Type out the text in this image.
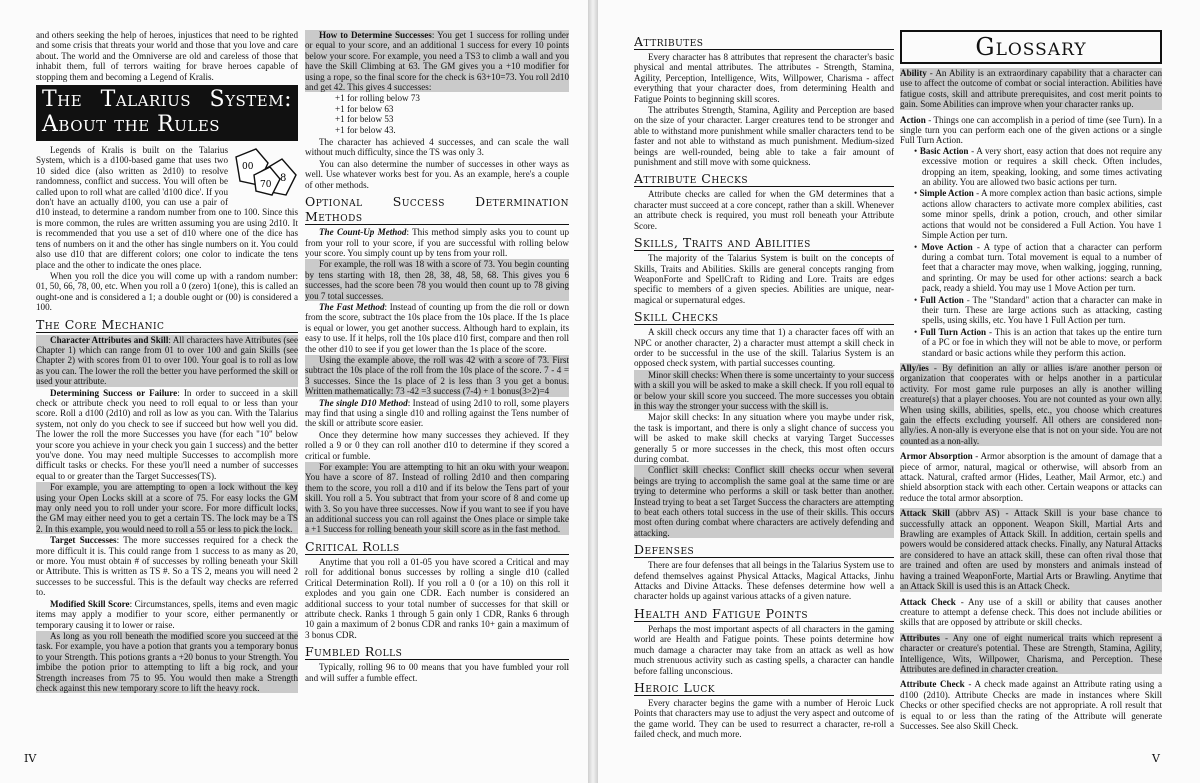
and others seeking the help of heroes, injustices that need to be righted and some crisis that threats your world and those that you love and care about. The world and the Omniverse are old and careless of those that inhabit them, full of terrors waiting for brave heroes capable of stopping them and becoming a Legend of Kralis.

The Talarius System: About the Rules
00
70
8

Legends of Kralis is built on the Talarius System, which is a d100-based game that uses two 10 sided dice (also written as 2d10) to resolve randomness, conflict and success. You will often be called upon to roll what are called 'd100 dice'. If you don't have an actually d100, you can use a pair of d10 instead, to determine a random number from one to 100. Since this is more common, the rules are written assuming you are using 2d10. It is recommended that you use a set of d10 where one of the dice has tens of numbers on it and the other has single numbers on it. You could also use d10 that are different colors; one color to indicate the tens place and the other to indicate the ones place.

When you roll the dice you will come up with a random number: 01, 50, 66, 78, 00, etc. When you roll a 0 (zero) 1(one), this is called an ought-one and is considered a 1; a double ought or (00) is considered a 100.

The Core Mechanic

Character Attributes and Skill: All characters have Attributes (see Chapter 1) which can range from 01 to over 100 and gain Skills (see Chapter 2) with scores from 01 to over 100. Your goal is to roll as low as you can. The lower the roll the better you have performed the skill or used your attribute.

Determining Success or Failure: In order to succeed in a skill check or attribute check you need to roll equal to or less than your score. Roll a d100 (2d10) and roll as low as you can. With the Talarius system, not only do you check to see if succeed but how well you did. The lower the roll the more Successes you have (for each "10" below your score you achieve in your check you gain 1 success) and the better you've done. You may need multiple Successes to accomplish more difficult tasks or checks. For these you'll need a number of successes equal to or greater than the Target Successes(TS).

For example, you are attempting to open a lock without the key using your Open Locks skill at a score of 75. For easy locks the GM may only need you to roll under your score. For more difficult locks, the GM may either need you to get a certain TS. The lock may be a TS 2. In this example, you would need to roll a 55 or less to pick the lock.

Target Successes: The more successes required for a check the more difficult it is. This could range from 1 success to as many as 20, or more. You must obtain # of successes by rolling beneath your Skill or Attribute. This is written as TS #. So a TS 2, means you will need 2 successes to be successful. This is the default way checks are referred to.

Modified Skill Score: Circumstances, spells, items and even magic items may apply a modifier to your score, either permanently or temporary causing it to lower or raise.

As long as you roll beneath the modified score you succeed at the task. For example, you have a potion that grants you a temporary bonus to your Strength. This potions grants a +20 bonus to your Strength. You imbibe the potion prior to attempting to lift a big rock, and your Strength increases from 75 to 95. You would then make a Strength check against this new temporary score to lift the heavy rock.

How to Determine Successes: You get 1 success for rolling under or equal to your score, and an additional 1 success for every 10 points below your score. For example, you need a TS3 to climb a wall and you have the Skill Climbing at 63. The GM gives you a +10 modifier for using a rope, so the final score for the check is 63+10=73. You roll 2d10 and get 42. This gives 4 successes:

+1 for rolling below 73
+1 for below 63
+1 for below 53
+1 for below 43.

The character has achieved 4 successes, and can scale the wall without much difficulty, since the TS was only 3.

You can also determine the number of successes in other ways as well. Use whatever works best for you. As an example, here's a couple of other methods.

Optional Success Determination Methods

The Count-Up Method: This method simply asks you to count up from your roll to your score, if you are successful with rolling below your score. You simply count up by tens from your roll.

For example, the roll was 18 with a score of 73. You begin counting by tens starting with 18, then 28, 38, 48, 58, 68. This gives you 6 successes, had the score been 78 you would then count up to 78 giving you 7 total successes.

The Fast Method: Instead of counting up from the die roll or down from the score, subtract the 10s place from the 10s place. If the 1s place is equal or lower, you get another success. Although hard to explain, its easy to use. If it helps, roll the 10s place d10 first, compare and then roll the other d10 to see if you get lower than the 1s place of the score.

Using the example above, the roll was 42 with a score of 73. First subtract the 10s place of the roll from the 10s place of the score. 7 - 4 = 3 successes. Since the 1s place of 2 is less than 3 you get a bonus. Written mathematically: 73 -42 =3 success (7-4) + 1 bonus(3>2)=4

The single D10 Method: Instead of using 2d10 to roll, some players may find that using a single d10 and rolling against the Tens number of the skill or attribute score easier.

Once they determine how many successes they achieved. If they rolled a 9 or 0 they can roll another d10 to determine if they scored a critical or fumble.

For example: You are attempting to hit an oku with your weapon. You have a score of 87. Instead of rolling 2d10 and then comparing them to the score, you roll a d10 and if its below the Tens part of your skill. You roll a 5. You subtract that from your score of 8 and come up with 3. So you have three successes. Now if you want to see if you have an additional success you can roll against the Ones place or simple take a +1 Success for rolling beneath your skill score as in the fast method.

Critical Rolls

Anytime that you roll a 01-05 you have scored a Critical and may roll for additional bonus successes by rolling a single d10 (called Critical Determination Roll). If you roll a 0 (or a 10) on this roll it explodes and you gain one CDR. Each number is considered an additional success to your total number of successes for that skill or attribute check. Ranks 1 through 5 gain only 1 CDR, Ranks 6 through 10 gain a maximum of 2 bonus CDR and ranks 10+ gain a maximum of 3 bonus CDR.

Fumbled Rolls

Typically, rolling 96 to 00 means that you have fumbled your roll and will suffer a fumble effect.

IV
Attributes

Every character has 8 attributes that represent the character's basic physical and mental attributes. The attributes - Strength, Stamina, Agility, Perception, Intelligence, Wits, Willpower, Charisma - affect everything that your character does, from determining Health and Fatigue Points to beginning skill scores.

The attributes Strength, Stamina, Agility and Perception are based on the size of your character. Larger creatures tend to be stronger and able to withstand more punishment while smaller characters tend to be faster and not able to withstand as much punishment. Medium-sized beings are well-rounded, being able to take a fair amount of punishment and still move with some quickness.

Attribute Checks

Attribute checks are called for when the GM determines that a character must succeed at a core concept, rather than a skill. Whenever an attribute check is required, you must roll beneath your Attribute Score.

Skills, Traits and Abilities

The majority of the Talarius System is built on the concepts of Skills, Traits and Abilities. Skills are general concepts ranging from WeaponForte and SpellCraft to Riding and Lore. Traits are edges specific to members of a given species. Abilities are unique, near-magical or supernatural edges.

Skill Checks

A skill check occurs any time that 1) a character faces off with an NPC or another character, 2) a character must attempt a skill check in order to be successful in the use of the skill. Talarius System is an opposed check system, with partial successes counting.

Minor skill checks: When there is some uncertainty to your success with a skill you will be asked to make a skill check. If you roll equal to or below your skill score you succeed. The more successes you obtain in this way the stronger your success with the skill is.

Major skill checks: In any situation where you maybe under risk, the task is important, and there is only a slight chance of success you will be asked to make skill checks at varying Target Successes generally 5 or more successes in the check, this most often occurs during combat.

Conflict skill checks: Conflict skill checks occur when several beings are trying to accomplish the same goal at the same time or are trying to determine who performs a skill or task better than another. Instead trying to beat a set Target Success the characters are attempting to beat each others total success in the use of their skills. This occurs most often during combat where characters are actively defending and attacking.

Defenses

There are four defenses that all beings in the Talarius System use to defend themselves against Physical Attacks, Magical Attacks, Jinhu Attacks and Divine Attacks. These defenses determine how well a character holds up against various attacks of a given nature.

Health and Fatigue Points

Perhaps the most important aspects of all characters in the gaming world are Health and Fatigue points. These points determine how much damage a character may take from an attack as well as how much strenuous activity such as casting spells, a character can handle before falling unconscious.

Heroic Luck

Every character begins the game with a number of Heroic Luck Points that characters may use to adjust the very aspect and outcome of the game world. They can be used to resurrect a character, re-roll a failed check, and much more.

Glossary
Ability - An Ability is an extraordinary capability that a character can use to affect the outcome of combat or social interaction. Abilities have fatigue costs, skill and attribute prerequisites, and cost merit points to gain. Some Abilities can improve when your character ranks up.
Action - Things one can accomplish in a period of time (see Turn). In a single turn you can perform each one of the given actions or a single Full Turn Action.
• Basic Action - A very short, easy action that does not require any excessive motion or requires a skill check. Often includes, dropping an item, speaking, looking, and some times activating an ability. You are allowed two basic actions per turn.
• Simple Action - A more complex action than basic actions, simple actions allow characters to activate more complex abilities, cast some minor spells, drink a potion, crouch, and other similar actions that would not be considered a Full Action. You have 1 Simple Action per turn.
• Move Action - A type of action that a character can perform during a combat turn. Total movement is equal to a number of feet that a character may move, when walking, jogging, running, and sprinting. Or may be used for other actions: search a back pack, ready a shield. You may use 1 Move Action per turn.
• Full Action - The "Standard" action that a character can make in their turn. These are large actions such as attacking, casting spells, using skills, etc. You have 1 Full Action per turn.
• Full Turn Action - This is an action that takes up the entire turn of a PC or foe in which they will not be able to move, or perform standard or basic actions while they perform this action.
Ally/ies - By definition an ally or allies is/are another person or organization that cooperates with or helps another in a particular activity. For most game rule purposes an ally is another willing creature(s) that a player chooses. You are not counted as your own ally. When using skills, abilities, spells, etc., you choose which creatures gain the effects excluding yourself. All others are considered non-ally/ies. A non-ally is everyone else that is not on your side. You are not counted as a non-ally.
Armor Absorption - Armor absorption is the amount of damage that a piece of armor, natural, magical or otherwise, will absorb from an attack. Natural, crafted armor (Hides, Leather, Mail Armor, etc.) and shield absorption stack with each other. Certain weapons or attacks can reduce the total armor absorption.
Attack Skill (abbrv AS) - Attack Skill is your base chance to successfully attack an opponent. Weapon Skill, Martial Arts and Brawling are examples of Attack Skill. In addition, certain spells and powers would be considered attack checks. Finally, any Natural Attacks are considered to have an attack skill, these can often rival those that are trained and often are used by monsters and animals instead of having a trained WeaponForte, Martial Arts or Brawling. Anytime that an Attack Skill is used this is an Attack Check.
Attack Check - Any use of a skill or ability that causes another creature to attempt a defense check. This does not include abilities or skills that are opposed by attribute or skill checks.
Attributes - Any one of eight numerical traits which represent a character or creature's potential. These are Strength, Stamina, Agility, Intelligence, Wits, Willpower, Charisma, and Perception. These Attributes are defined in character creation.
Attribute Check - A check made against an Attribute rating using a d100 (2d10). Attribute Checks are made in instances where Skill Checks or other specified checks are not appropriate. A roll result that is equal to or less than the rating of the Attribute will generate Successes. See also Skill Check.
V
